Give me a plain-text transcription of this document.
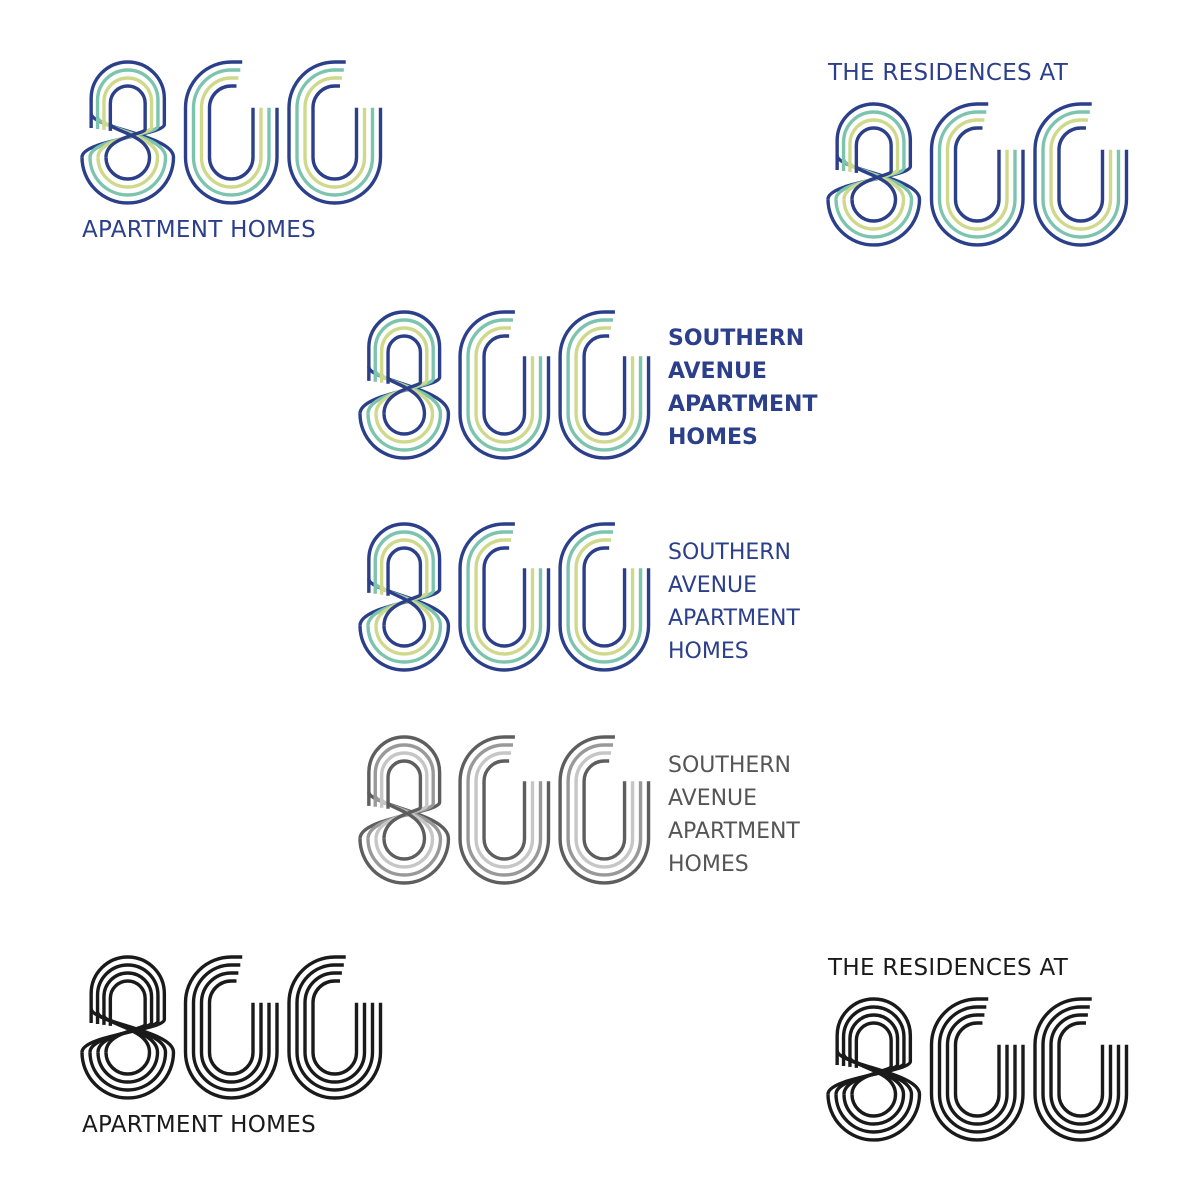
APARTMENT HOMES

THE RESIDENCES AT

SOUTHERN
AVENUE
APARTMENT
HOMES
SOUTHERN
AVENUE
APARTMENT
HOMES
SOUTHERN
AVENUE
APARTMENT
HOMES

APARTMENT HOMES

THE RESIDENCES AT
